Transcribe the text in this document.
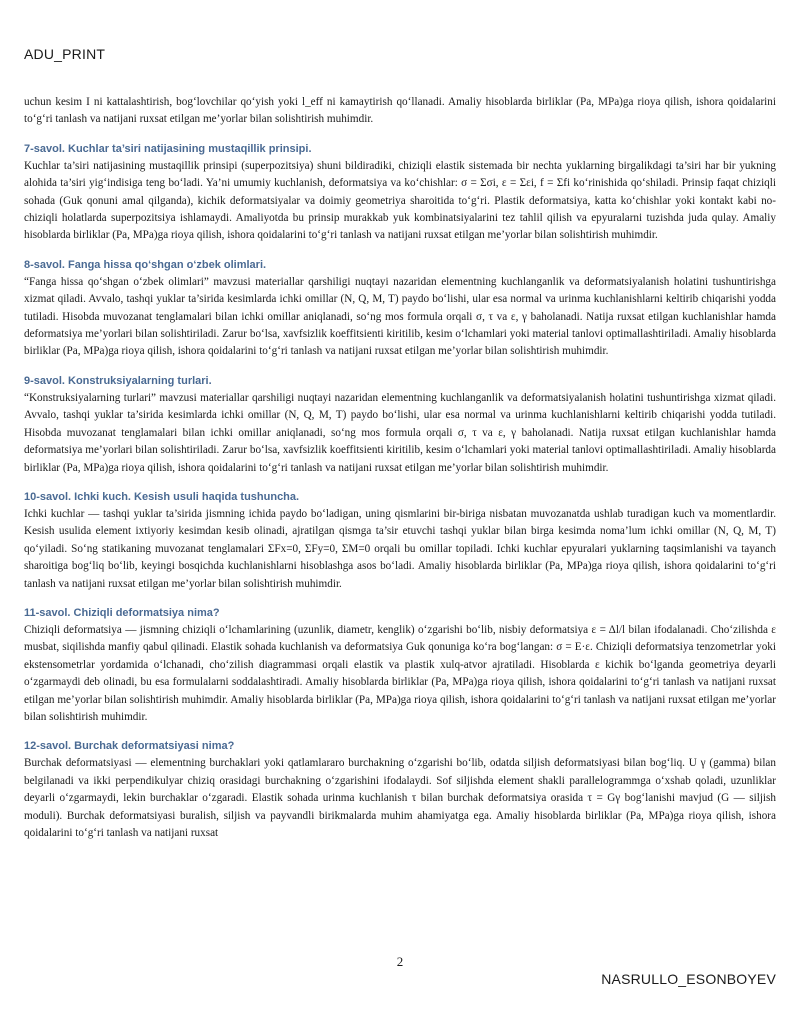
ADU_PRINT

uchun kesim I ni kattalashtirish, bog‘lovchilar qo‘yish yoki l_eff ni kamaytirish qo‘llanadi. Amaliy hisoblarda birliklar (Pa, MPa)ga rioya qilish, ishora qoidalarini to‘g‘ri tanlash va natijani ruxsat etilgan me’yorlar bilan solishtirish muhimdir.

7-savol. Kuchlar ta’siri natijasining mustaqillik prinsipi.

Kuchlar ta’siri natijasining mustaqillik prinsipi (superpozitsiya) shuni bildiradiki, chiziqli elastik sistemada bir nechta yuklarning birgalikdagi ta’siri har bir yukning alohida ta’siri yig‘indisiga teng bo‘ladi. Ya’ni umumiy kuchlanish, deformatsiya va ko‘chishlar: σ = Σσi, ε = Σεi, f = Σfi ko‘rinishida qo‘shiladi. Prinsip faqat chiziqli sohada (Guk qonuni amal qilganda), kichik deformatsiyalar va doimiy geometriya sharoitida to‘g‘ri. Plastik deformatsiya, katta ko‘chishlar yoki kontakt kabi no-chiziqli holatlarda superpozitsiya ishlamaydi. Amaliyotda bu prinsip murakkab yuk kombinatsiyalarini tez tahlil qilish va epyuralarni tuzishda juda qulay. Amaliy hisoblarda birliklar (Pa, MPa)ga rioya qilish, ishora qoidalarini to‘g‘ri tanlash va natijani ruxsat etilgan me’yorlar bilan solishtirish muhimdir.

8-savol. Fanga hissa qo‘shgan o‘zbek olimlari.

“Fanga hissa qo‘shgan o‘zbek olimlari” mavzusi materiallar qarshiligi nuqtayi nazaridan elementning kuchlanganlik va deformatsiyalanish holatini tushuntirishga xizmat qiladi. Avvalo, tashqi yuklar ta’sirida kesimlarda ichki omillar (N, Q, M, T) paydo bo‘lishi, ular esa normal va urinma kuchlanishlarni keltirib chiqarishi yodda tutiladi. Hisobda muvozanat tenglamalari bilan ichki omillar aniqlanadi, so‘ng mos formula orqali σ, τ va ε, γ baholanadi. Natija ruxsat etilgan kuchlanishlar hamda deformatsiya me’yorlari bilan solishtiriladi. Zarur bo‘lsa, xavfsizlik koeffitsienti kiritilib, kesim o‘lchamlari yoki material tanlovi optimallashtiriladi. Amaliy hisoblarda birliklar (Pa, MPa)ga rioya qilish, ishora qoidalarini to‘g‘ri tanlash va natijani ruxsat etilgan me’yorlar bilan solishtirish muhimdir.

9-savol. Konstruksiyalarning turlari.

“Konstruksiyalarning turlari” mavzusi materiallar qarshiligi nuqtayi nazaridan elementning kuchlanganlik va deformatsiyalanish holatini tushuntirishga xizmat qiladi. Avvalo, tashqi yuklar ta’sirida kesimlarda ichki omillar (N, Q, M, T) paydo bo‘lishi, ular esa normal va urinma kuchlanishlarni keltirib chiqarishi yodda tutiladi. Hisobda muvozanat tenglamalari bilan ichki omillar aniqlanadi, so‘ng mos formula orqali σ, τ va ε, γ baholanadi. Natija ruxsat etilgan kuchlanishlar hamda deformatsiya me’yorlari bilan solishtiriladi. Zarur bo‘lsa, xavfsizlik koeffitsienti kiritilib, kesim o‘lchamlari yoki material tanlovi optimallashtiriladi. Amaliy hisoblarda birliklar (Pa, MPa)ga rioya qilish, ishora qoidalarini to‘g‘ri tanlash va natijani ruxsat etilgan me’yorlar bilan solishtirish muhimdir.

10-savol. Ichki kuch. Kesish usuli haqida tushuncha.

Ichki kuchlar — tashqi yuklar ta’sirida jismning ichida paydo bo‘ladigan, uning qismlarini bir-biriga nisbatan muvozanatda ushlab turadigan kuch va momentlardir. Kesish usulida element ixtiyoriy kesimdan kesib olinadi, ajratilgan qismga ta’sir etuvchi tashqi yuklar bilan birga kesimda noma’lum ichki omillar (N, Q, M, T) qo‘yiladi. So‘ng statikaning muvozanat tenglamalari ΣFx=0, ΣFy=0, ΣM=0 orqali bu omillar topiladi. Ichki kuchlar epyuralari yuklarning taqsimlanishi va tayanch sharoitiga bog‘liq bo‘lib, keyingi bosqichda kuchlanishlarni hisoblashga asos bo‘ladi. Amaliy hisoblarda birliklar (Pa, MPa)ga rioya qilish, ishora qoidalarini to‘g‘ri tanlash va natijani ruxsat etilgan me’yorlar bilan solishtirish muhimdir.

11-savol. Chiziqli deformatsiya nima?

Chiziqli deformatsiya — jismning chiziqli o‘lchamlarining (uzunlik, diametr, kenglik) o‘zgarishi bo‘lib, nisbiy deformatsiya ε = Δl/l bilan ifodalanadi. Cho‘zilishda ε musbat, siqilishda manfiy qabul qilinadi. Elastik sohada kuchlanish va deformatsiya Guk qonuniga ko‘ra bog‘langan: σ = E·ε. Chiziqli deformatsiya tenzometrlar yoki ekstensometrlar yordamida o‘lchanadi, cho‘zilish diagrammasi orqali elastik va plastik xulq-atvor ajratiladi. Hisoblarda ε kichik bo‘lganda geometriya deyarli o‘zgarmaydi deb olinadi, bu esa formulalarni soddalashtiradi. Amaliy hisoblarda birliklar (Pa, MPa)ga rioya qilish, ishora qoidalarini to‘g‘ri tanlash va natijani ruxsat etilgan me’yorlar bilan solishtirish muhimdir. Amaliy hisoblarda birliklar (Pa, MPa)ga rioya qilish, ishora qoidalarini to‘g‘ri tanlash va natijani ruxsat etilgan me’yorlar bilan solishtirish muhimdir.

12-savol. Burchak deformatsiyasi nima?

Burchak deformatsiyasi — elementning burchaklari yoki qatlamlararo burchakning o‘zgarishi bo‘lib, odatda siljish deformatsiyasi bilan bog‘liq. U γ (gamma) bilan belgilanadi va ikki perpendikulyar chiziq orasidagi burchakning o‘zgarishini ifodalaydi. Sof siljishda element shakli parallelogrammga o‘xshab qoladi, uzunliklar deyarli o‘zgarmaydi, lekin burchaklar o‘zgaradi. Elastik sohada urinma kuchlanish τ bilan burchak deformatsiya orasida τ = Gγ bog‘lanishi mavjud (G — siljish moduli). Burchak deformatsiyasi buralish, siljish va payvandli birikmalarda muhim ahamiyatga ega. Amaliy hisoblarda birliklar (Pa, MPa)ga rioya qilish, ishora qoidalarini to‘g‘ri tanlash va natijani ruxsat

2
NASRULLO_ESONBOYEV
